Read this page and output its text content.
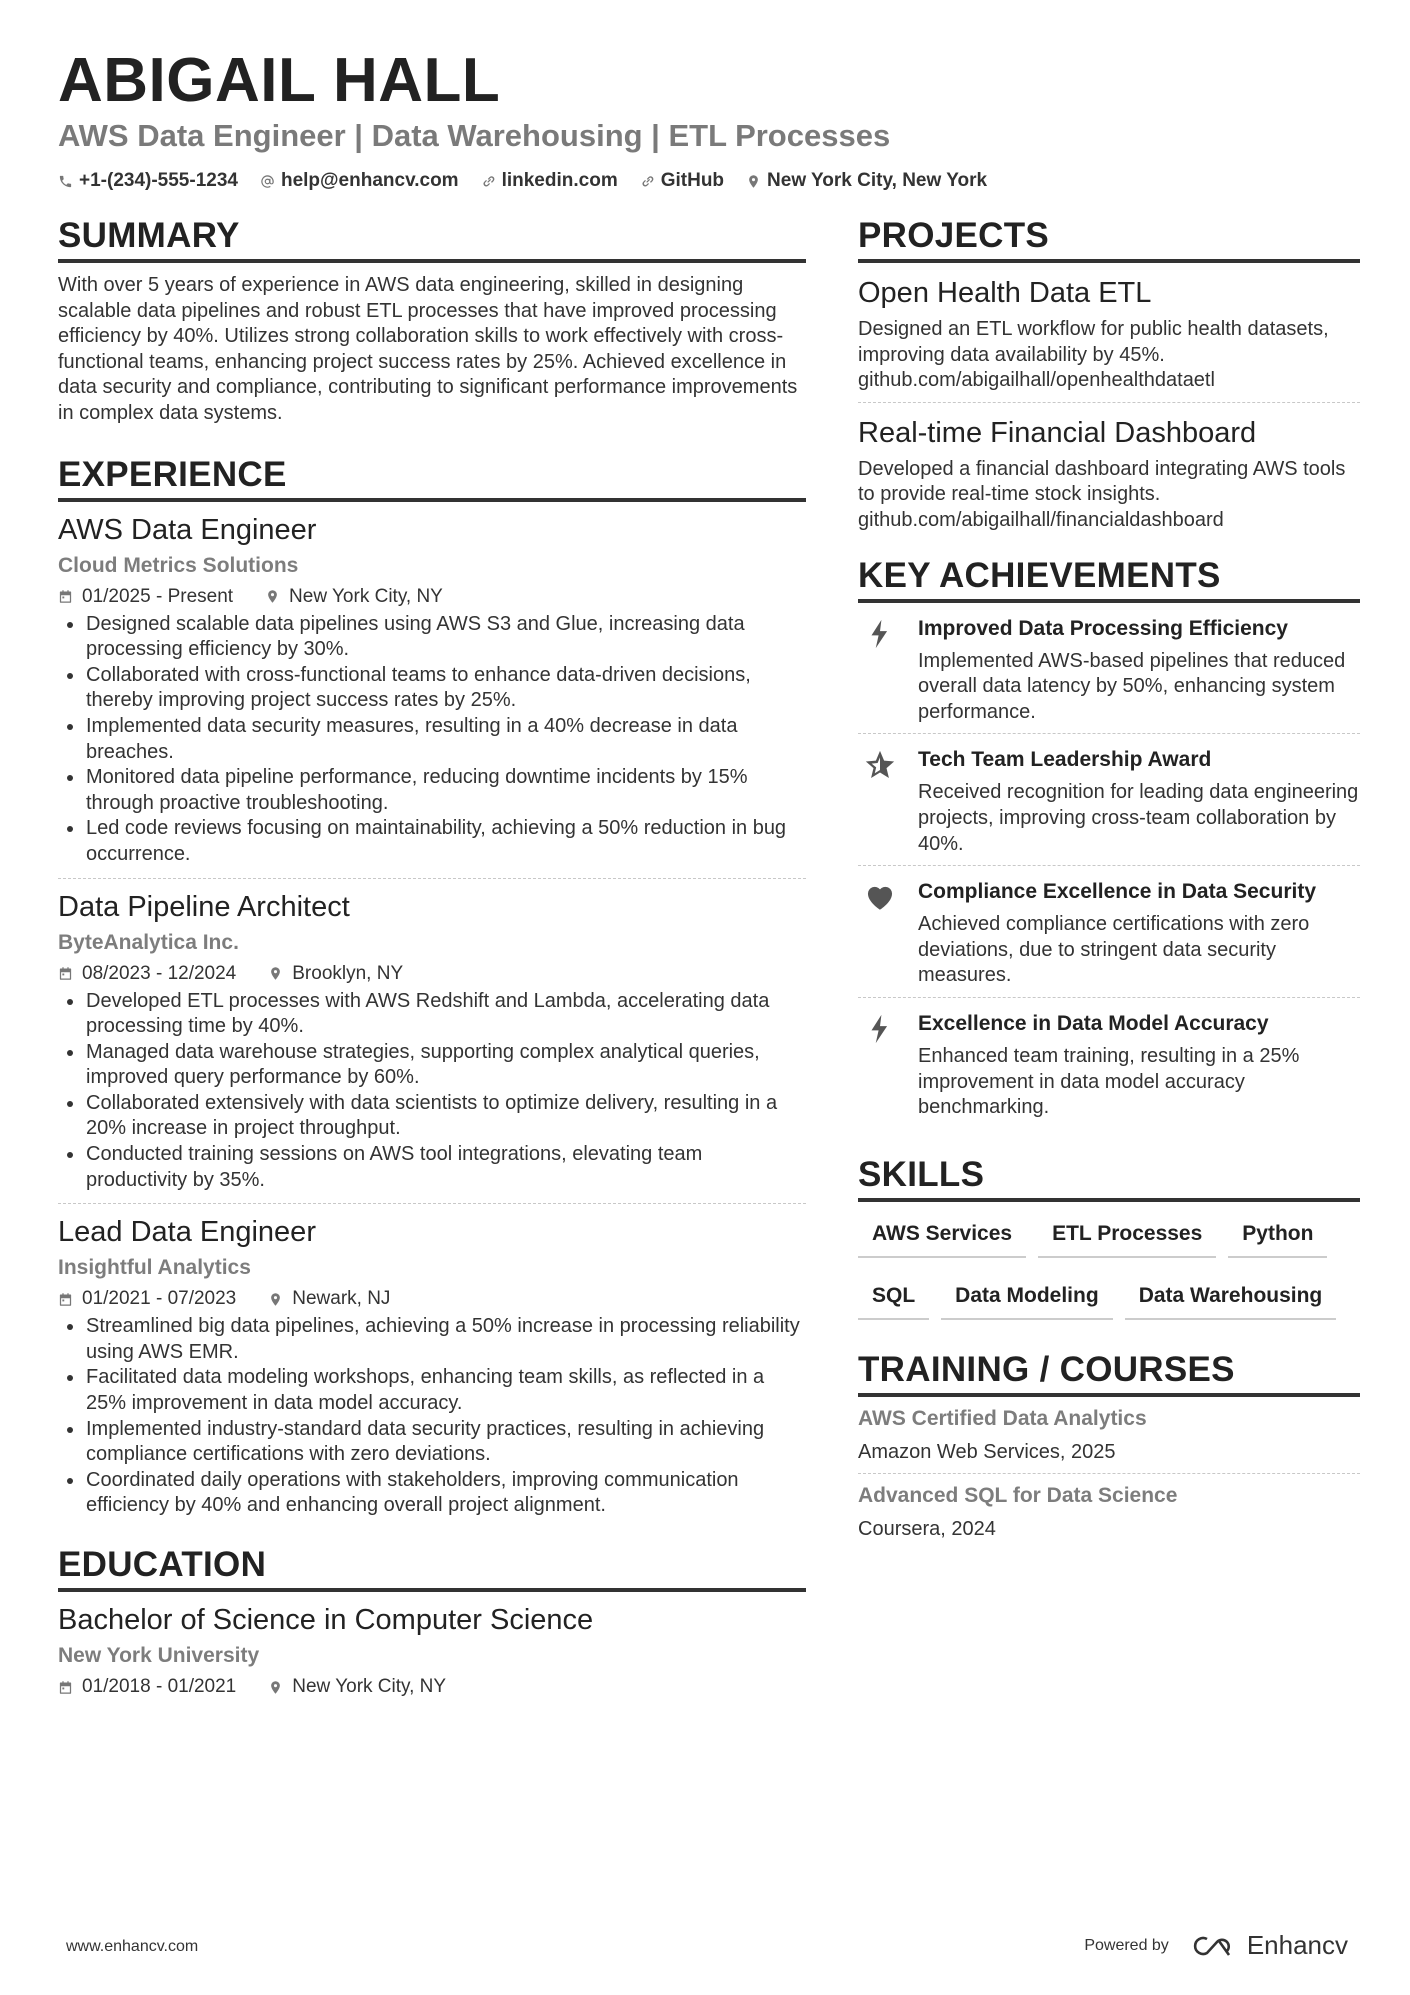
ABIGAIL HALL
AWS Data Engineer | Data Warehousing | ETL Processes
+1-(234)-555-1234 help@enhancv.com linkedin.com GitHub New York City, New York
SUMMARY

With over 5 years of experience in AWS data engineering, skilled in designing scalable data pipelines and robust ETL processes that have improved processing efficiency by 40%. Utilizes strong collaboration skills to work effectively with cross-functional teams, enhancing project success rates by 25%. Achieved excellence in data security and compliance, contributing to significant performance improvements in complex data systems.

EXPERIENCE
AWS Data Engineer
Cloud Metrics Solutions
01/2025 - Present	New York City, NY
Designed scalable data pipelines using AWS S3 and Glue, increasing data processing efficiency by 30%.
Collaborated with cross-functional teams to enhance data-driven decisions, thereby improving project success rates by 25%.
Implemented data security measures, resulting in a 40% decrease in data breaches.
Monitored data pipeline performance, reducing downtime incidents by 15% through proactive troubleshooting.
Led code reviews focusing on maintainability, achieving a 50% reduction in bug occurrence.
Data Pipeline Architect
ByteAnalytica Inc.
08/2023 - 12/2024	Brooklyn, NY
Developed ETL processes with AWS Redshift and Lambda, accelerating data processing time by 40%.
Managed data warehouse strategies, supporting complex analytical queries, improved query performance by 60%.
Collaborated extensively with data scientists to optimize delivery, resulting in a 20% increase in project throughput.
Conducted training sessions on AWS tool integrations, elevating team productivity by 35%.
Lead Data Engineer
Insightful Analytics
01/2021 - 07/2023	Newark, NJ
Streamlined big data pipelines, achieving a 50% increase in processing reliability using AWS EMR.
Facilitated data modeling workshops, enhancing team skills, as reflected in a 25% improvement in data model accuracy.
Implemented industry-standard data security practices, resulting in achieving compliance certifications with zero deviations.
Coordinated daily operations with stakeholders, improving communication efficiency by 40% and enhancing overall project alignment.
EDUCATION
Bachelor of Science in Computer Science
New York University
01/2018 - 01/2021	New York City, NY
PROJECTS
Open Health Data ETL
Designed an ETL workflow for public health datasets, improving data availability by 45%.
github.com/abigailhall/openhealthdataetl
Real-time Financial Dashboard
Developed a financial dashboard integrating AWS tools to provide real-time stock insights.
github.com/abigailhall/financialdashboard
KEY ACHIEVEMENTS
Improved Data Processing Efficiency
Implemented AWS-based pipelines that reduced overall data latency by 50%, enhancing system performance.
Tech Team Leadership Award
Received recognition for leading data engineering projects, improving cross-team collaboration by 40%.
Compliance Excellence in Data Security
Achieved compliance certifications with zero deviations, due to stringent data security measures.
Excellence in Data Model Accuracy
Enhanced team training, resulting in a 25% improvement in data model accuracy benchmarking.
SKILLS
AWS Services	ETL Processes	Python
SQL	Data Modeling	Data Warehousing
TRAINING / COURSES
AWS Certified Data Analytics
Amazon Web Services, 2025
Advanced SQL for Data Science
Coursera, 2024
www.enhancv.com	Powered by	Enhancv
